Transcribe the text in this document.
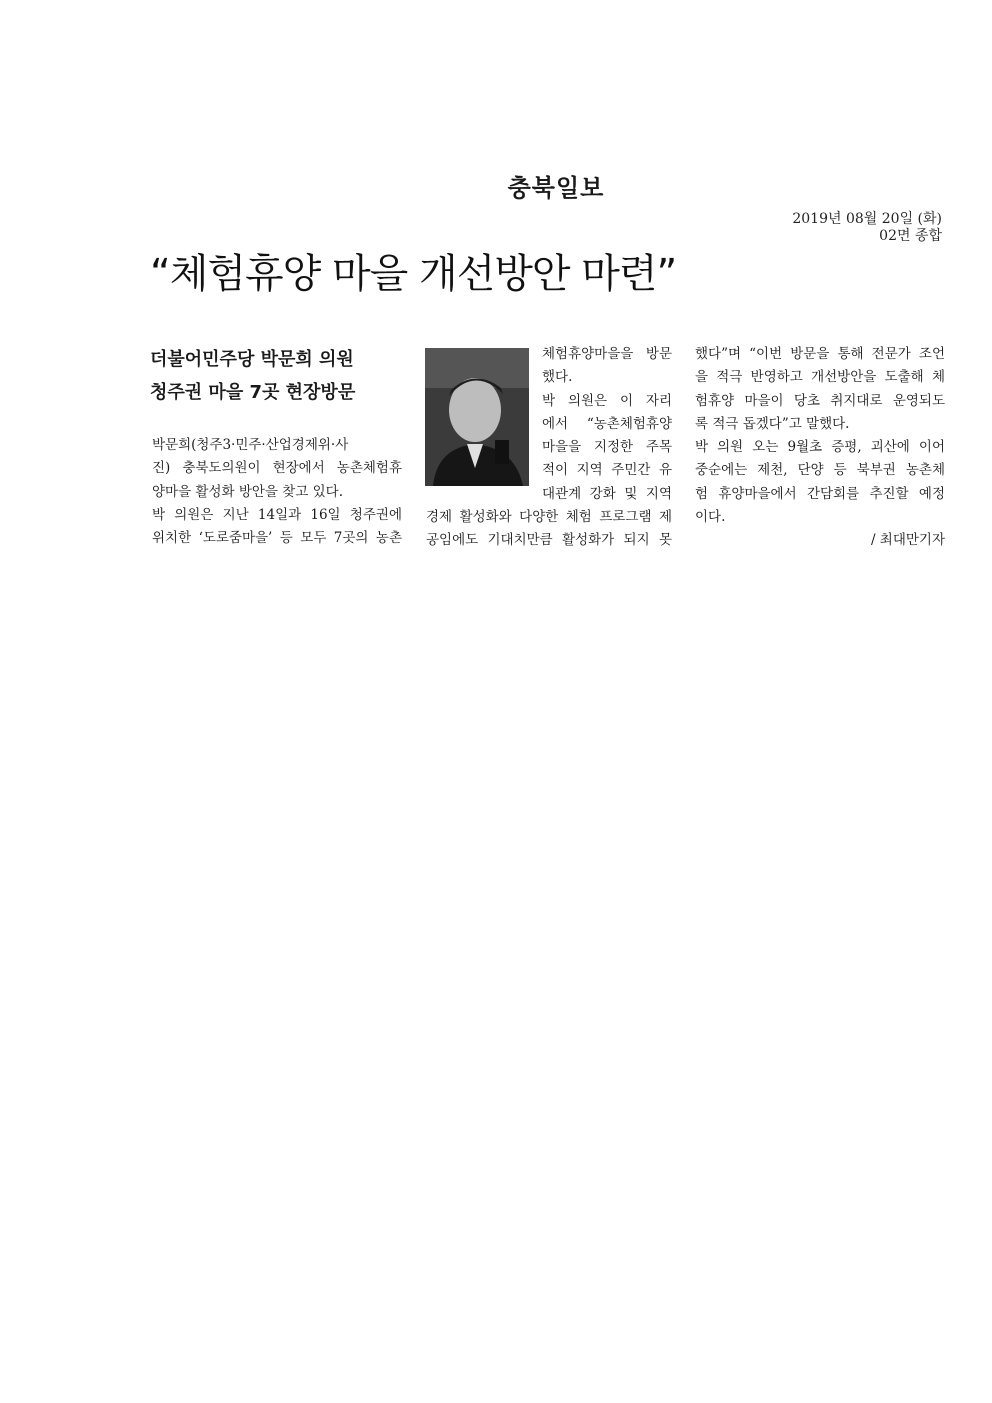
충북일보
2019년 08월 20일 (화)
02면 종합
“체험휴양 마을 개선방안 마련”
더불어민주당 박문희 의원
청주권 마을 7곳 현장방문
박문희(청주3·민주·산업경제위·사
진) 충북도의원이 현장에서 농촌체험휴
양마을 활성화 방안을 찾고 있다.
박 의원은 지난 14일과 16일 청주권에
위치한 ‘도로줌마을’ 등 모두 7곳의 농촌
체험휴양마을을 방문
했다.
박 의원은 이 자리
에서 “농촌체험휴양
마을을 지정한 주목
적이 지역 주민간 유
대관계 강화 및 지역
경제 활성화와 다양한 체험 프로그램 제
공임에도 기대치만큼 활성화가 되지 못
했다”며 “이번 방문을 통해 전문가 조언
을 적극 반영하고 개선방안을 도출해 체
험휴양 마을이 당초 취지대로 운영되도
록 적극 돕겠다”고 말했다.
박 의원 오는 9월초 증평, 괴산에 이어
중순에는 제천, 단양 등 북부권 농촌체
험 휴양마을에서 간담회를 추진할 예정
이다.
/ 최대만기자
